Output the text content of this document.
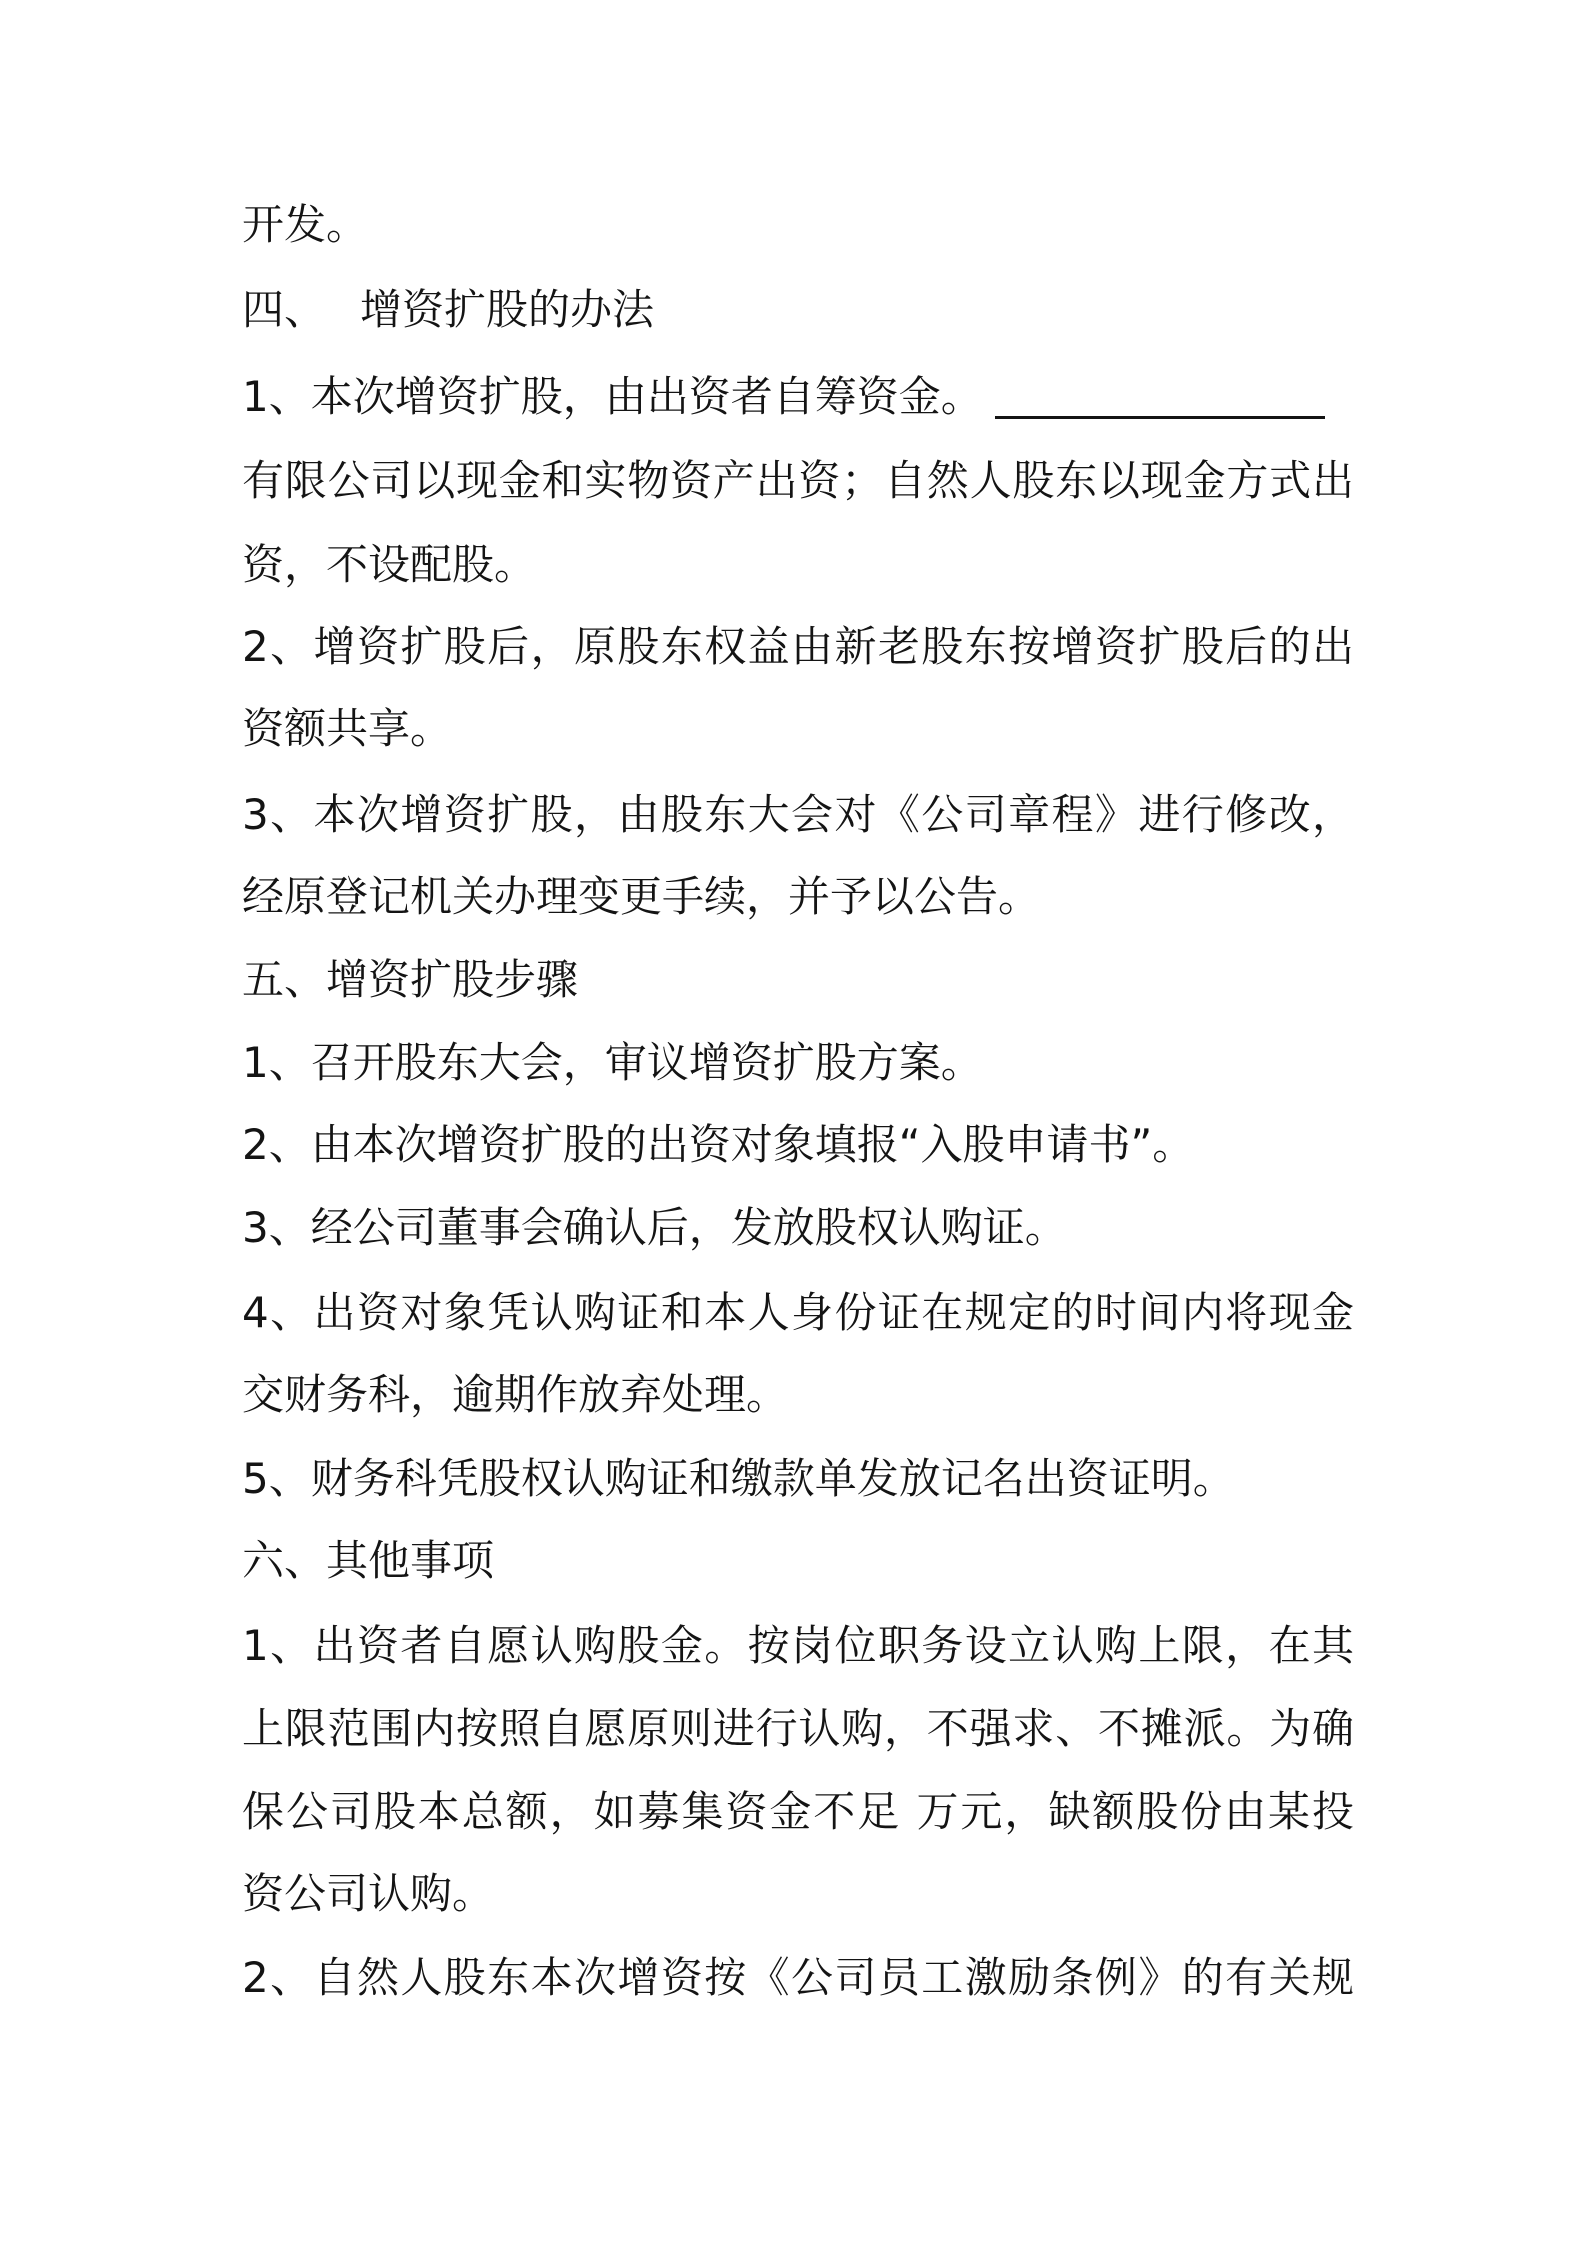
开发。
四、 增资扩股的办法
1、本次增资扩股，由出资者自筹资金。
有限公司以现金和实物资产出资；自然人股东以现金方式出
资，不设配股。
2、增资扩股后，原股东权益由新老股东按增资扩股后的出
资额共享。
3、本次增资扩股，由股东大会对《公司章程》进行修改，
经原登记机关办理变更手续，并予以公告。
五、增资扩股步骤
1、召开股东大会，审议增资扩股方案。
2、由本次增资扩股的出资对象填报“入股申请书”。
3、经公司董事会确认后，发放股权认购证。
4、出资对象凭认购证和本人身份证在规定的时间内将现金
交财务科，逾期作放弃处理。
5、财务科凭股权认购证和缴款单发放记名出资证明。
六、其他事项
1、出资者自愿认购股金。按岗位职务设立认购上限，在其
上限范围内按照自愿原则进行认购，不强求、不摊派。为确
保公司股本总额，如募集资金不足 万元，缺额股份由某投
资公司认购。
2、自然人股东本次增资按《公司员工激励条例》的有关规
